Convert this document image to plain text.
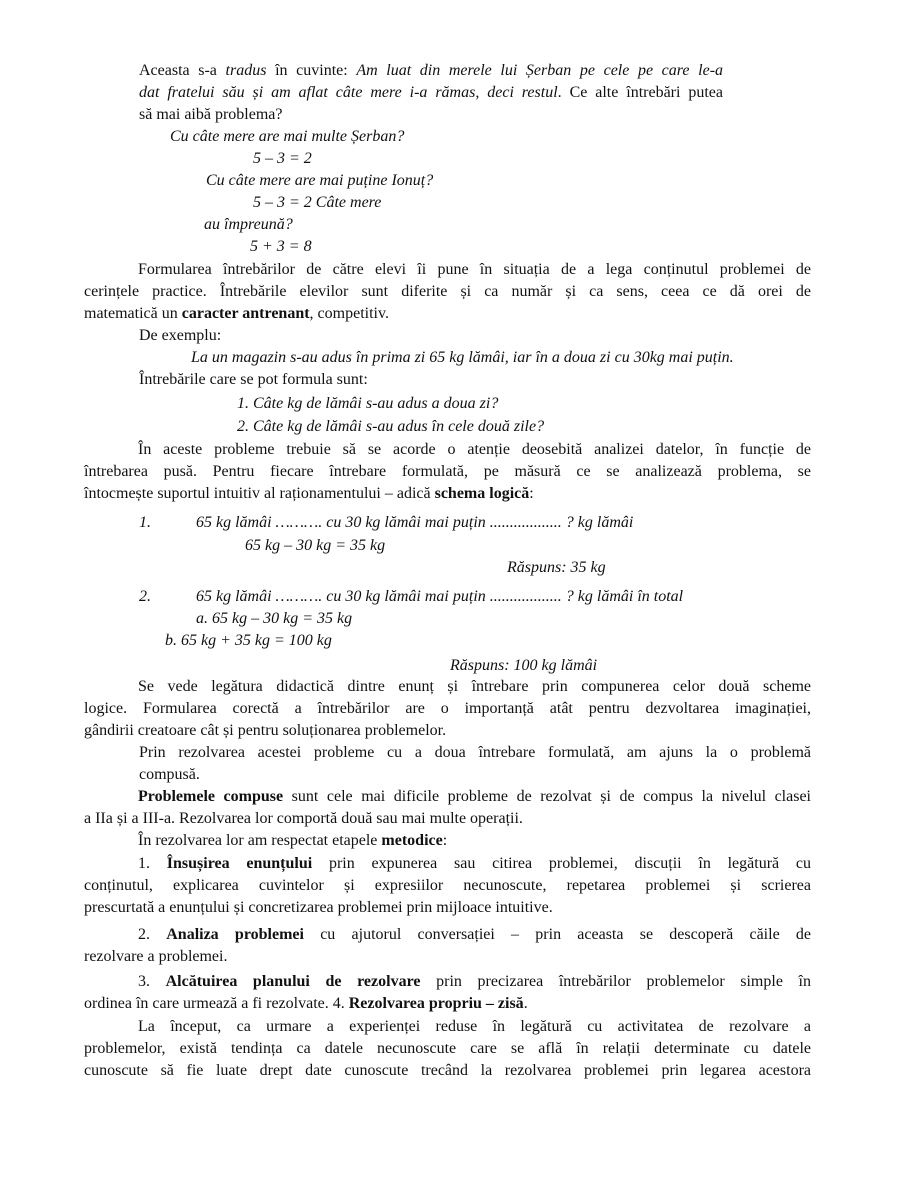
Aceasta s-a tradus în cuvinte: Am luat din merele lui Șerban pe cele pe care le-a
dat fratelui său și am aflat câte mere i-a rămas, deci restul. Ce alte întrebări putea
să mai aibă problema?
Cu câte mere are mai multe Șerban?
5 – 3 = 2
Cu câte mere are mai puține Ionuț?
5 – 3 = 2 Câte mere
au împreună?
5 + 3 = 8
Formularea întrebărilor de către elevi îi pune în situația de a lega conținutul problemei de
cerințele practice. Întrebările elevilor sunt diferite și ca număr și ca sens, ceea ce dă orei de
matematică un caracter antrenant, competitiv.
De exemplu:
La un magazin s-au adus în prima zi 65 kg lămâi, iar în a doua zi cu 30kg mai puțin.
Întrebările care se pot formula sunt:
1. Câte kg de lămâi s-au adus a doua zi?
2. Câte kg de lămâi s-au adus în cele două zile?
În aceste probleme trebuie să se acorde o atenție deosebită analizei datelor, în funcție de
întrebarea pusă. Pentru fiecare întrebare formulată, pe măsură ce se analizează problema, se
întocmește suportul intuitiv al raționamentului – adică schema logică:
1.	65 kg lămâi ………. cu 30 kg lămâi mai puțin .................. ? kg lămâi
65 kg – 30 kg = 35 kg
Răspuns: 35 kg
2.	65 kg lămâi ………. cu 30 kg lămâi mai puțin .................. ? kg lămâi în total
a. 65 kg – 30 kg = 35 kg
b. 65 kg + 35 kg = 100 kg
Răspuns: 100 kg lămâi
Se vede legătura didactică dintre enunț și întrebare prin compunerea celor două scheme
logice. Formularea corectă a întrebărilor are o importanță atât pentru dezvoltarea imaginației,
gândirii creatoare cât și pentru soluționarea problemelor.
Prin rezolvarea acestei probleme cu a doua întrebare formulată, am ajuns la o problemă
compusă.
Problemele compuse sunt cele mai dificile probleme de rezolvat și de compus la nivelul clasei
a IIa și a III-a. Rezolvarea lor comportă două sau mai multe operații.
În rezolvarea lor am respectat etapele metodice:
1. Însușirea enunțului prin expunerea sau citirea problemei, discuții în legătură cu
conținutul, explicarea cuvintelor și expresiilor necunoscute, repetarea problemei și scrierea
prescurtată a enunțului și concretizarea problemei prin mijloace intuitive.
2. Analiza problemei cu ajutorul conversației – prin aceasta se descoperă căile de
rezolvare a problemei.
3. Alcătuirea planului de rezolvare prin precizarea întrebărilor problemelor simple în
ordinea în care urmează a fi rezolvate. 4. Rezolvarea propriu – zisă.
La început, ca urmare a experienței reduse în legătură cu activitatea de rezolvare a
problemelor, există tendința ca datele necunoscute care se află în relații determinate cu datele
cunoscute să fie luate drept date cunoscute trecând la rezolvarea problemei prin legarea acestora
